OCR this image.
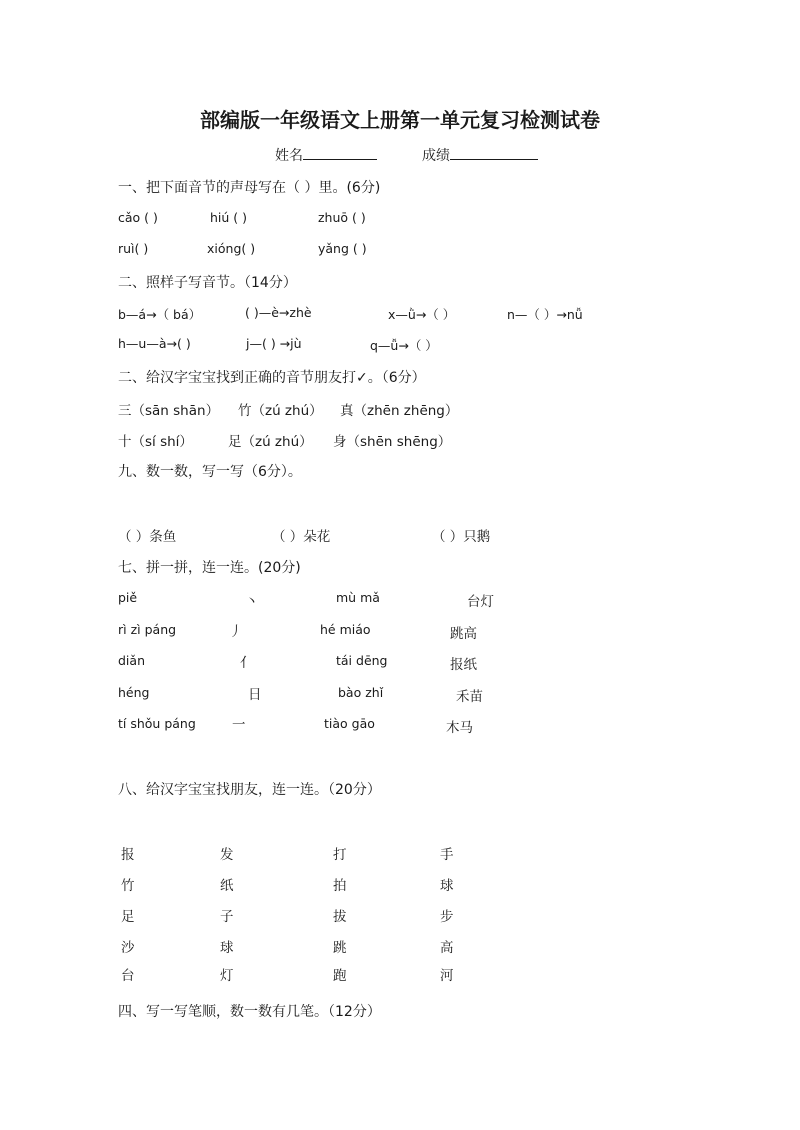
部编版一年级语文上册第一单元复习检测试卷
姓名	成绩
一、把下面音节的声母写在（ ）里。(6分)
cǎo ( )	hiú ( )	zhuō ( )
ruì( )	xióng( )	yǎng ( )
二、照样子写音节。（14分）
b—á→（ bá）	( )—è→zhè	x—ǜ→（ ）	n—（ ）→nǚ
h—u—à→( )	j—( ) →jù	q—ǚ→（ ）
二、给汉字宝宝找到正确的音节朋友打✓。（6分）
三（sān shān） 竹（zú zhú） 真（zhēn zhēng）
十（sí shí）	足（zú zhú） 身（shēn shēng）
九、数一数，写一写（6分）。
（ ）条鱼	（ ）朵花	（ ）只鹅
七、拼一拼，连一连。(20分)
piě	丶	mù mǎ	台灯
rì zì páng	丿	hé miáo	跳高
diǎn	亻	tái dēng	报纸
héng	日	bào zhǐ	禾苗
tí shǒu páng	一	tiào gāo	木马
八、给汉字宝宝找朋友，连一连。（20分）
报	发	打	手
竹	纸	拍	球
足	子	拔	步
沙	球	跳	高
台	灯	跑	河
四、写一写笔顺，数一数有几笔。（12分）
